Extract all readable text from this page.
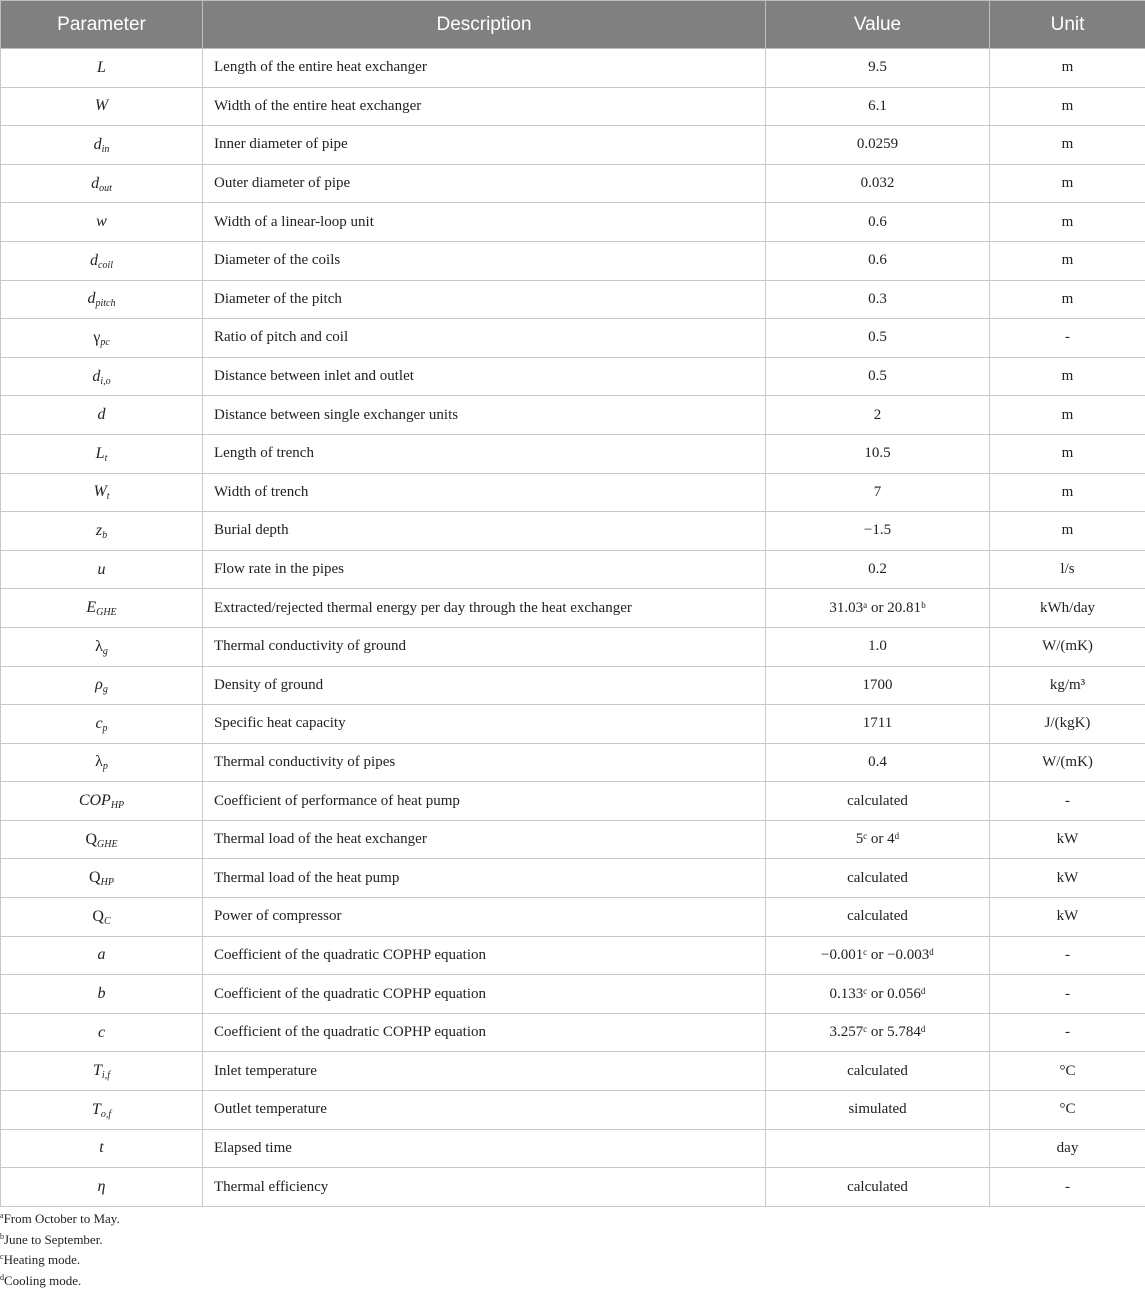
Parameter	Description	Value	Unit
L	Length of the entire heat exchanger	9.5	m
W	Width of the entire heat exchanger	6.1	m
$d_{in}$	Inner diameter of pipe	0.0259	m
$d_{out}$	Outer diameter of pipe	0.032	m
w	Width of a linear-loop unit	0.6	m
$d_{coil}$	Diameter of the coils	0.6	m
$d_{pitch}$	Diameter of the pitch	0.3	m
$\gamma_{pc}$	Ratio of pitch and coil	0.5	-
$d_{i,o}$	Distance between inlet and outlet	0.5	m
d	Distance between single exchanger units	2	m
$L_t$	Length of trench	10.5	m
$W_t$	Width of trench	7	m
$z_b$	Burial depth	−1.5	m
u	Flow rate in the pipes	0.2	l/s
$E_{GHE}$	Extracted/rejected thermal energy per day through the heat exchanger	31.03ᵃ or 20.81ᵇ	kWh/day
$\lambda_g$	Thermal conductivity of ground	1.0	W/(mK)
$\rho_g$	Density of ground	1700	kg/m³
$c_p$	Specific heat capacity	1711	J/(kgK)
$\lambda_p$	Thermal conductivity of pipes	0.4	W/(mK)
$COP_{HP}$	Coefficient of performance of heat pump	calculated	-
$Q_{GHE}$	Thermal load of the heat exchanger	5ᶜ or 4ᵈ	kW
$Q_{HP}$	Thermal load of the heat pump	calculated	kW
$Q_C$	Power of compressor	calculated	kW
a	Coefficient of the quadratic COPHP equation	−0.001ᶜ or −0.003ᵈ	-
b	Coefficient of the quadratic COPHP equation	0.133ᶜ or 0.056ᵈ	-
c	Coefficient of the quadratic COPHP equation	3.257ᶜ or 5.784ᵈ	-
$T_{i,f}$	Inlet temperature	calculated	°C
$T_{o,f}$	Outlet temperature	simulated	°C
t	Elapsed time		day
η	Thermal efficiency	calculated	-
$^a$From October to May.
$^b$June to September.
$^c$Heating mode.
$^d$Cooling mode.
